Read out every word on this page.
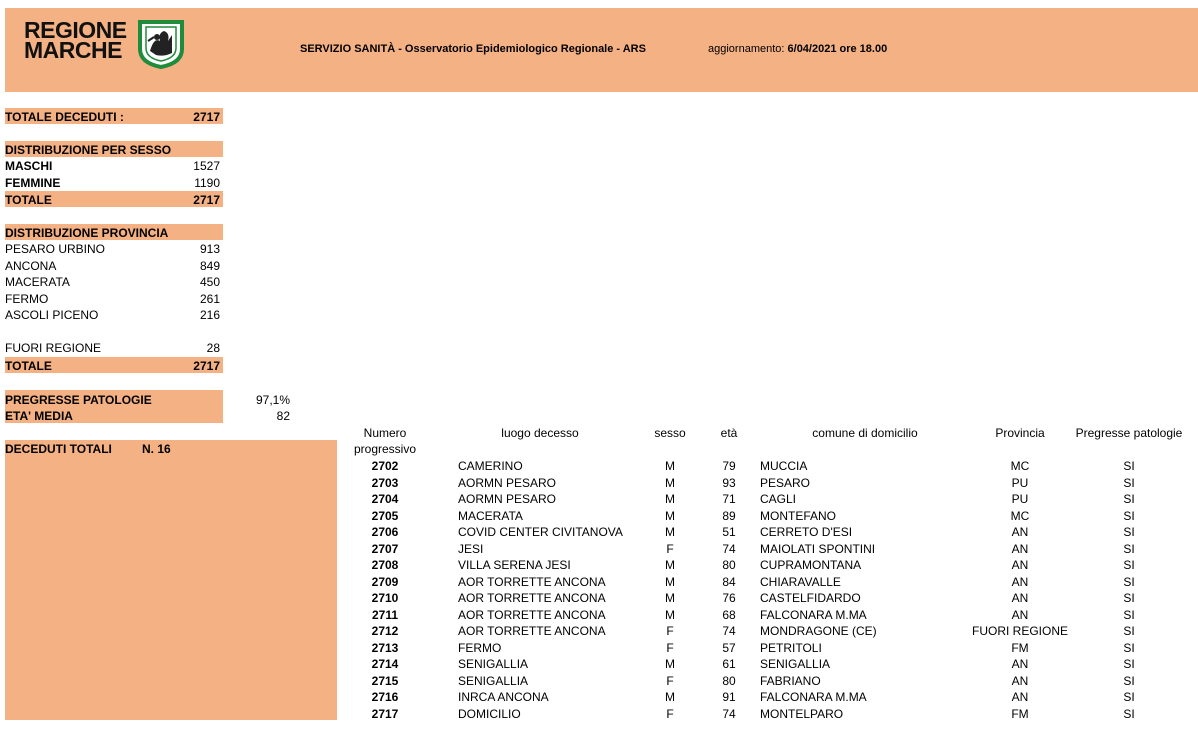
REGIONE
MARCHE	SERVIZIO SANITÀ - Osservatorio Epidemiologico Regionale - ARS	aggiornamento: 6/04/2021 ore 18.00
TOTALE DECEDUTI :	2717
DISTRIBUZIONE PER SESSO
MASCHI	1527
FEMMINE	1190
TOTALE	2717
DISTRIBUZIONE PROVINCIA
PESARO URBINO	913
ANCONA	849
MACERATA	450
FERMO	261
ASCOLI PICENO	216
FUORI REGIONE	28
TOTALE	2717
PREGRESSE PATOLOGIE	97,1%
ETA' MEDIA	82
DECEDUTI TOTALI	N. 16
Numero
progressivo
luogo decesso	sesso	età	comune di domicilio	Provincia	Pregresse patologie
2702	CAMERINO	M	79	MUCCIA	MC	SI
2703	AORMN PESARO	M	93	PESARO	PU	SI
2704	AORMN PESARO	M	71	CAGLI	PU	SI
2705	MACERATA	M	89	MONTEFANO	MC	SI
2706	COVID CENTER CIVITANOVA	M	51	CERRETO D'ESI	AN	SI
2707	JESI	F	74	MAIOLATI SPONTINI	AN	SI
2708	VILLA SERENA JESI	M	80	CUPRAMONTANA	AN	SI
2709	AOR TORRETTE ANCONA	M	84	CHIARAVALLE	AN	SI
2710	AOR TORRETTE ANCONA	M	76	CASTELFIDARDO	AN	SI
2711	AOR TORRETTE ANCONA	M	68	FALCONARA M.MA	AN	SI
2712	AOR TORRETTE ANCONA	F	74	MONDRAGONE (CE)	FUORI REGIONE	SI
2713	FERMO	F	57	PETRITOLI	FM	SI
2714	SENIGALLIA	M	61	SENIGALLIA	AN	SI
2715	SENIGALLIA	F	80	FABRIANO	AN	SI
2716	INRCA ANCONA	M	91	FALCONARA M.MA	AN	SI
2717	DOMICILIO	F	74	MONTELPARO	FM	SI
